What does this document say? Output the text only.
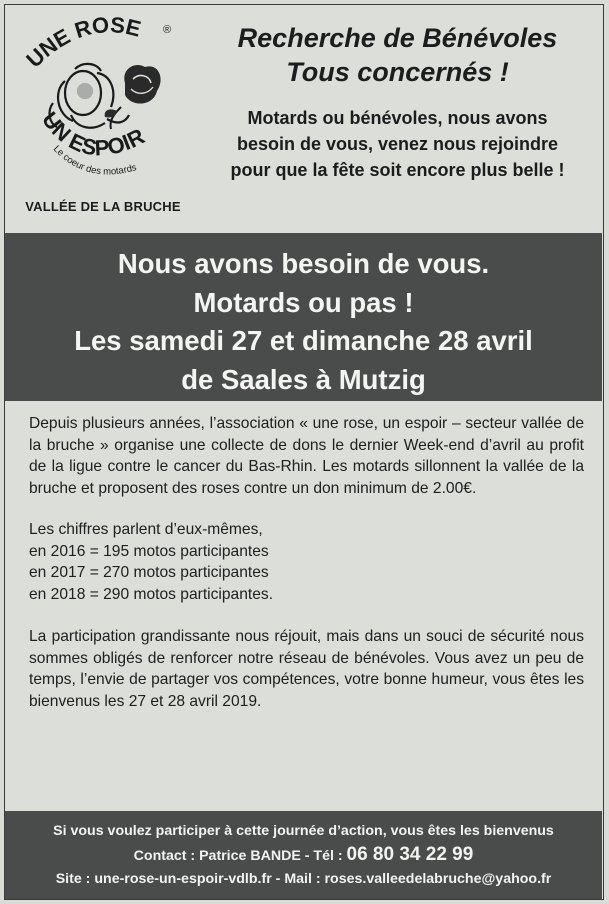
UNE ROSE ®
UN ESPOIR
Le coeur des motards
VALLÉE DE LA BRUCHE
Recherche de Bénévoles
Tous concernés !
Motards ou bénévoles, nous avons
besoin de vous, venez nous rejoindre
pour que la fête soit encore plus belle !
Nous avons besoin de vous.
Motards ou pas !
Les samedi 27 et dimanche 28 avril
de Saales à Mutzig

Depuis plusieurs années, l’association « une rose, un espoir – secteur vallée de la bruche » organise une collecte de dons le dernier Week-end d’avril au profit de la ligue contre le cancer du Bas-Rhin. Les motards sillonnent la vallée de la bruche et proposent des roses contre un don minimum de 2.00€.

Les chiffres parlent d’eux-mêmes,
en 2016 = 195 motos participantes
en 2017 = 270 motos participantes
en 2018 = 290 motos participantes.

La participation grandissante nous réjouit, mais dans un souci de sécurité nous sommes obligés de renforcer notre réseau de bénévoles. Vous avez un peu de temps, l’envie de partager vos compétences, votre bonne humeur, vous êtes les bienvenus les 27 et 28 avril 2019.

Si vous voulez participer à cette journée d’action, vous êtes les bienvenus
Contact : Patrice BANDE - Tél : 06 80 34 22 99
Site : une-rose-un-espoir-vdlb.fr - Mail : roses.valleedelabruche@yahoo.fr
